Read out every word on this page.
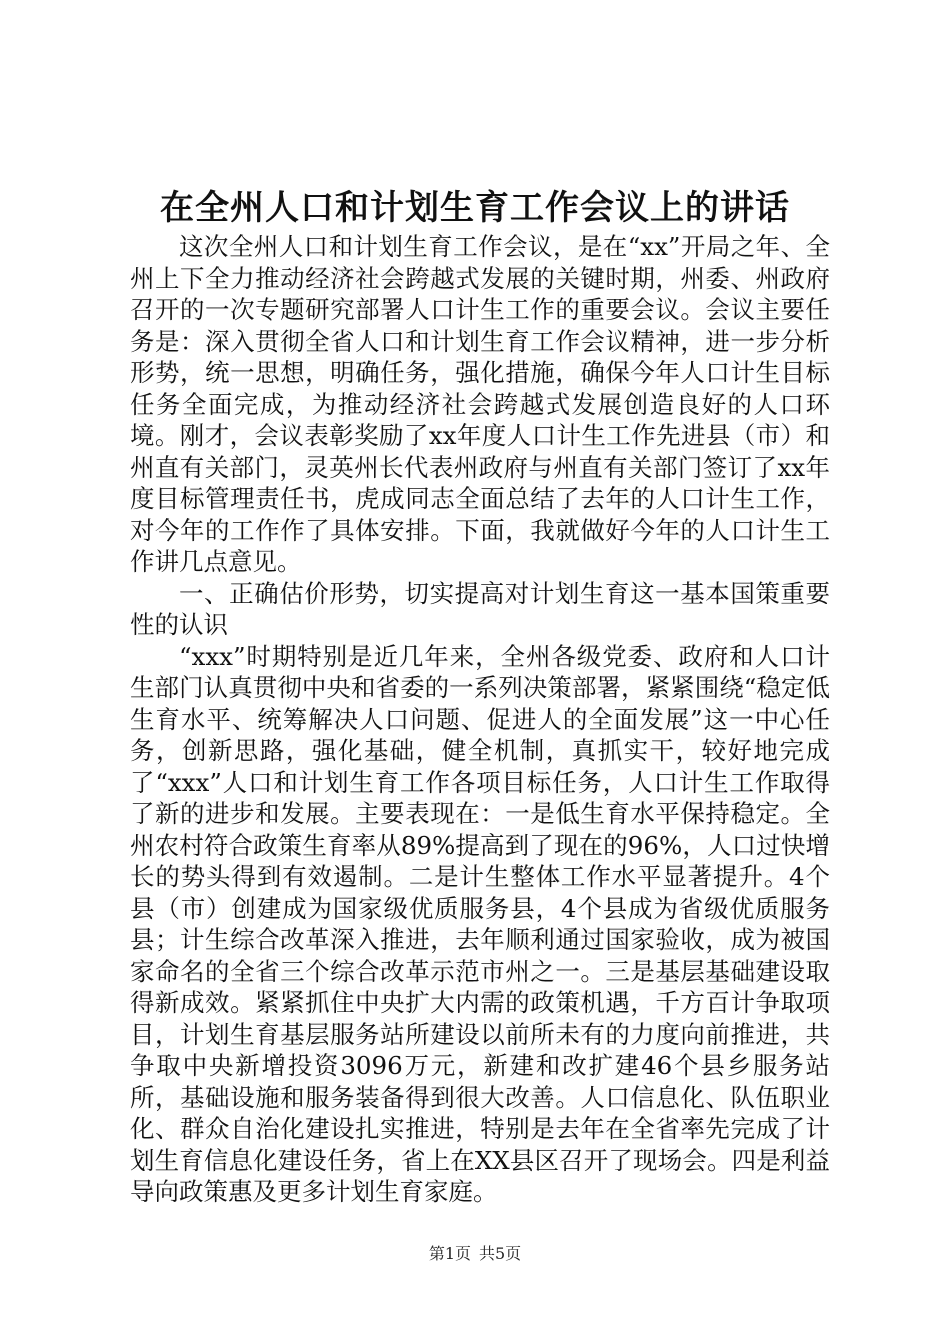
在全州人口和计划生育工作会议上的讲话

这次全州人口和计划生育工作会议，是在“xx”开局之年、全州上下全力推动经济社会跨越式发展的关键时期，州委、州政府召开的一次专题研究部署人口计生工作的重要会议。会议主要任务是：深入贯彻全省人口和计划生育工作会议精神，进一步分析形势，统一思想，明确任务，强化措施，确保今年人口计生目标任务全面完成，为推动经济社会跨越式发展创造良好的人口环境。刚才，会议表彰奖励了xx年度人口计生工作先进县（市）和州直有关部门，灵英州长代表州政府与州直有关部门签订了xx年度目标管理责任书，虎成同志全面总结了去年的人口计生工作，对今年的工作作了具体安排。下面，我就做好今年的人口计生工作讲几点意见。

一、正确估价形势，切实提高对计划生育这一基本国策重要性的认识

“xxx”时期特别是近几年来，全州各级党委、政府和人口计生部门认真贯彻中央和省委的一系列决策部署，紧紧围绕“稳定低生育水平、统筹解决人口问题、促进人的全面发展”这一中心任务，创新思路，强化基础，健全机制，真抓实干，较好地完成了“xxx”人口和计划生育工作各项目标任务，人口计生工作取得了新的进步和发展。主要表现在：一是低生育水平保持稳定。全州农村符合政策生育率从89%提高到了现在的96%，人口过快增长的势头得到有效遏制。二是计生整体工作水平显著提升。4个县（市）创建成为国家级优质服务县，4个县成为省级优质服务县；计生综合改革深入推进，去年顺利通过国家验收，成为被国家命名的全省三个综合改革示范市州之一。三是基层基础建设取得新成效。紧紧抓住中央扩大内需的政策机遇，千方百计争取项目，计划生育基层服务站所建设以前所未有的力度向前推进，共争取中央新增投资3096万元，新建和改扩建46个县乡服务站所，基础设施和服务装备得到很大改善。人口信息化、队伍职业化、群众自治化建设扎实推进，特别是去年在全省率先完成了计划生育信息化建设任务，省上在XX县区召开了现场会。四是利益导向政策惠及更多计划生育家庭。

第1页 共5页
